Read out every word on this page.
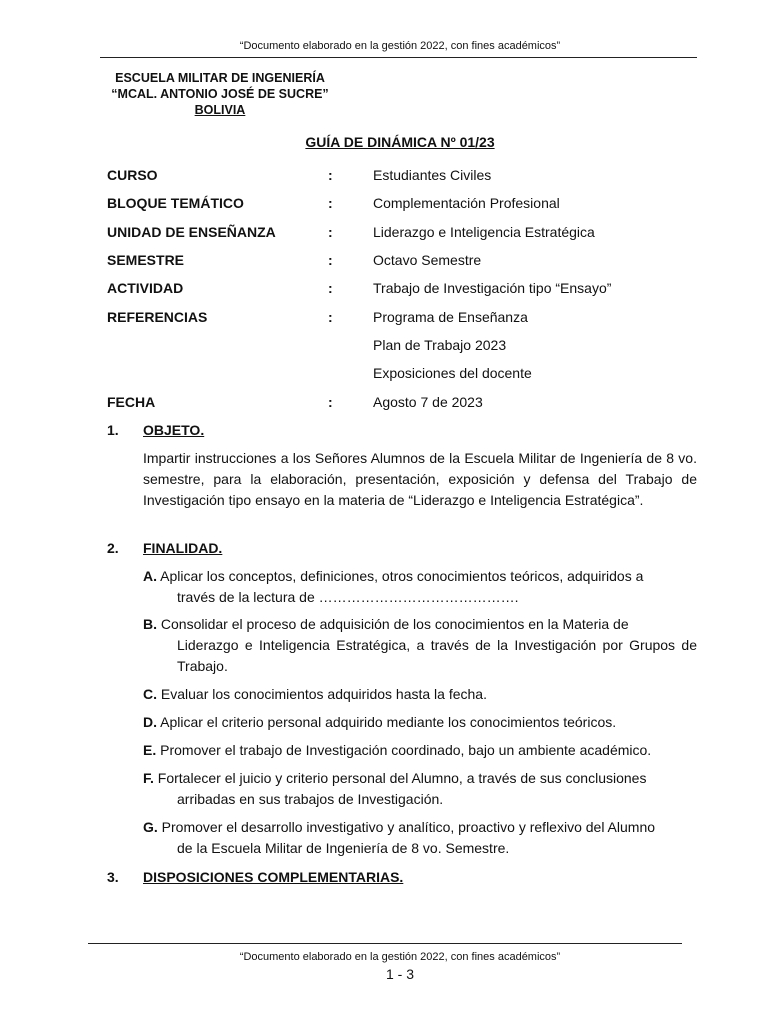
“Documento elaborado en la gestión 2022, con fines académicos”
ESCUELA MILITAR DE INGENIERÍA
“MCAL. ANTONIO JOSÉ DE SUCRE”
BOLIVIA
GUÍA DE DINÁMICA Nº 01/23
CURSO	:	Estudiantes Civiles
BLOQUE TEMÁTICO	:	Complementación Profesional
UNIDAD DE ENSEÑANZA	:	Liderazgo e Inteligencia Estratégica
SEMESTRE	:	Octavo Semestre
ACTIVIDAD	:	Trabajo de Investigación tipo “Ensayo”
REFERENCIAS	:	Programa de Enseñanza
Plan de Trabajo 2023
Exposiciones del docente
FECHA	:	Agosto 7 de 2023
1. OBJETO.
Impartir instrucciones a los Señores Alumnos de la Escuela Militar de Ingeniería de 8 vo. semestre, para la elaboración, presentación, exposición y defensa del Trabajo de Investigación tipo ensayo en la materia de “Liderazgo e Inteligencia Estratégica”.
2. FINALIDAD.
A. Aplicar los conceptos, definiciones, otros conocimientos teóricos, adquiridos a
través de la lectura de …………………………………….
B. Consolidar el proceso de adquisición de los conocimientos en la Materia de
Liderazgo e Inteligencia Estratégica, a través de la Investigación por Grupos de Trabajo.
C. Evaluar los conocimientos adquiridos hasta la fecha.
D. Aplicar el criterio personal adquirido mediante los conocimientos teóricos.
E. Promover el trabajo de Investigación coordinado, bajo un ambiente académico.
F. Fortalecer el juicio y criterio personal del Alumno, a través de sus conclusiones
arribadas en sus trabajos de Investigación.
G. Promover el desarrollo investigativo y analítico, proactivo y reflexivo del Alumno
de la Escuela Militar de Ingeniería de 8 vo. Semestre.
3. DISPOSICIONES COMPLEMENTARIAS.
“Documento elaborado en la gestión 2022, con fines académicos”
1 - 3
